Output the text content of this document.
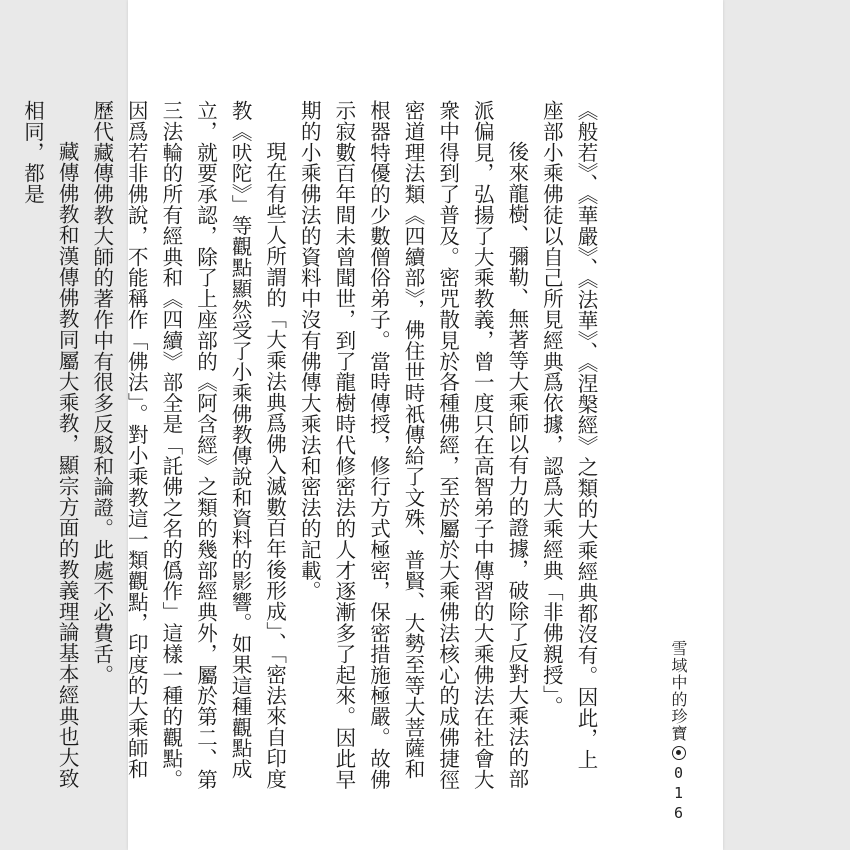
《般若》、《華嚴》、《法華》、《涅槃經》之類的大乘經典都沒有。因此，上座部小乘佛徒以自己所見經典爲依據，認爲大乘經典「非佛親授」。

後來龍樹、彌勒、無著等大乘師以有力的證據，破除了反對大乘法的部派偏見，弘揚了大乘教義，曾一度只在高智弟子中傳習的大乘佛法在社會大衆中得到了普及。密咒散見於各種佛經，至於屬於大乘佛法核心的成佛捷徑密道理法類《四續部》，佛住世時祇傳給了文殊、普賢、大勢至等大菩薩和根器特優的少數僧俗弟子。當時傳授，修行方式極密，保密措施極嚴。故佛示寂數百年間未曾聞世，到了龍樹時代修密法的人才逐漸多了起來。因此早期的小乘佛法的資料中沒有佛傳大乘法和密法的記載。

現在有些人所謂的「大乘法典爲佛入滅數百年後形成」、「密法來自印度教《吠陀》」等觀點顯然受了小乘佛教傳說和資料的影響。如果這種觀點成立，就要承認，除了上座部的《阿含經》之類的幾部經典外，屬於第二、第三法輪的所有經典和《四續》部全是「託佛之名的僞作」這樣一種的觀點。因爲若非佛說，不能稱作「佛法」。對小乘教這一類觀點，印度的大乘師和歷代藏傳佛教大師的著作中有很多反駁和論證。此處不必費舌。

藏傳佛教和漢傳佛教同屬大乘教，顯宗方面的教義理論基本經典也大致相同，都是

雪域中的珍寶
016
